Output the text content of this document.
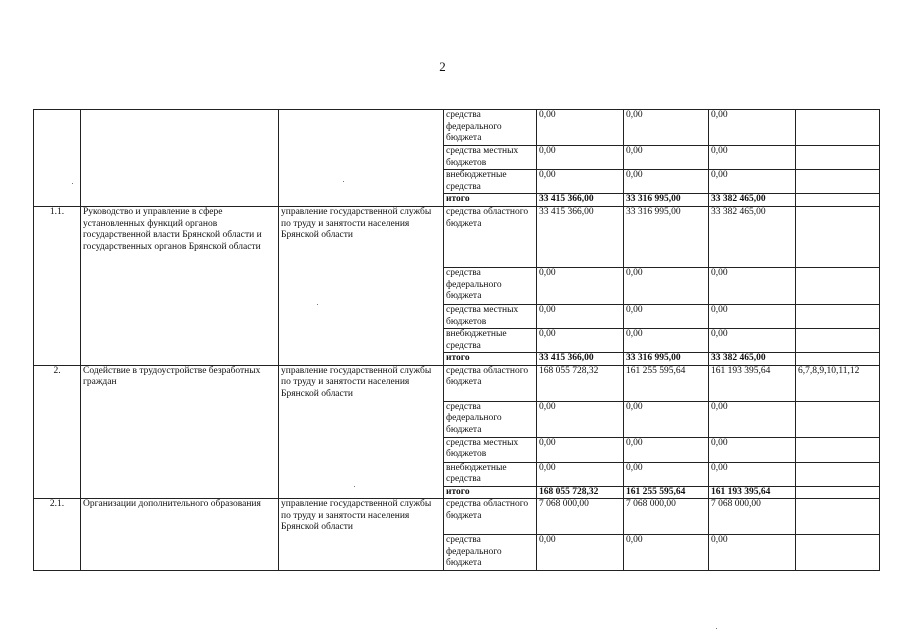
2
			средства федерального бюджета	0,00	0,00	0,00	
			средства местных бюджетов	0,00	0,00	0,00	
			внебюджетные средства	0,00	0,00	0,00	
			итого	33 415 366,00	33 316 995,00	33 382 465,00	
1.1.	Руководство и управление в сфере установленных функций органов государственной власти Брянской области и государственных органов Брянской области	управление государственной службы по труду и занятости населения Брянской области	средства областного бюджета	33 415 366,00	33 316 995,00	33 382 465,00	
			средства федерального бюджета	0,00	0,00	0,00	
			средства местных бюджетов	0,00	0,00	0,00	
			внебюджетные средства	0,00	0,00	0,00	
			итого	33 415 366,00	33 316 995,00	33 382 465,00	
2.	Содействие в трудоустройстве безработных граждан	управление государственной службы по труду и занятости населения Брянской области	средства областного бюджета	168 055 728,32	161 255 595,64	161 193 395,64	6,7,8,9,10,11,12
			средства федерального бюджета	0,00	0,00	0,00	
			средства местных бюджетов	0,00	0,00	0,00	
			внебюджетные средства	0,00	0,00	0,00	
			итого	168 055 728,32	161 255 595,64	161 193 395,64	
2.1.	Организации дополнительного образования	управление государственной службы по труду и занятости населения Брянской области	средства областного бюджета	7 068 000,00	7 068 000,00	7 068 000,00	
			средства федерального бюджета	0,00	0,00	0,00	
